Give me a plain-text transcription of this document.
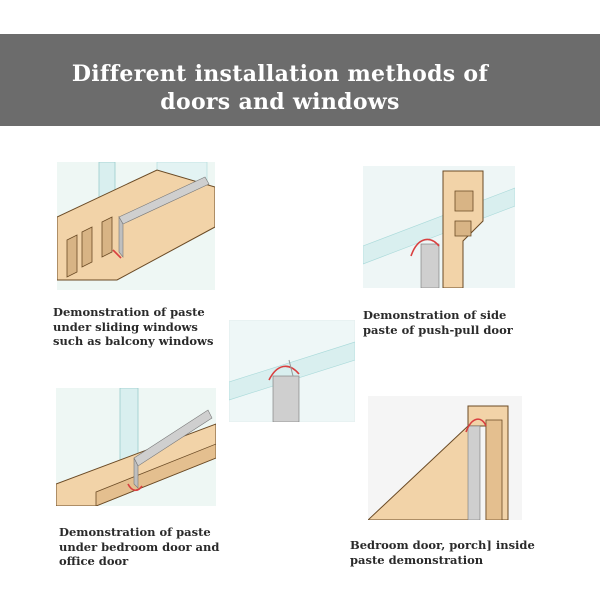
Different installation methods of
doors and windows
Demonstration of paste
under sliding windows
such as balcony windows
Demonstration of side
paste of push-pull door
Demonstration of paste
under bedroom door and
office door
Bedroom door, porch] inside
paste demonstration
